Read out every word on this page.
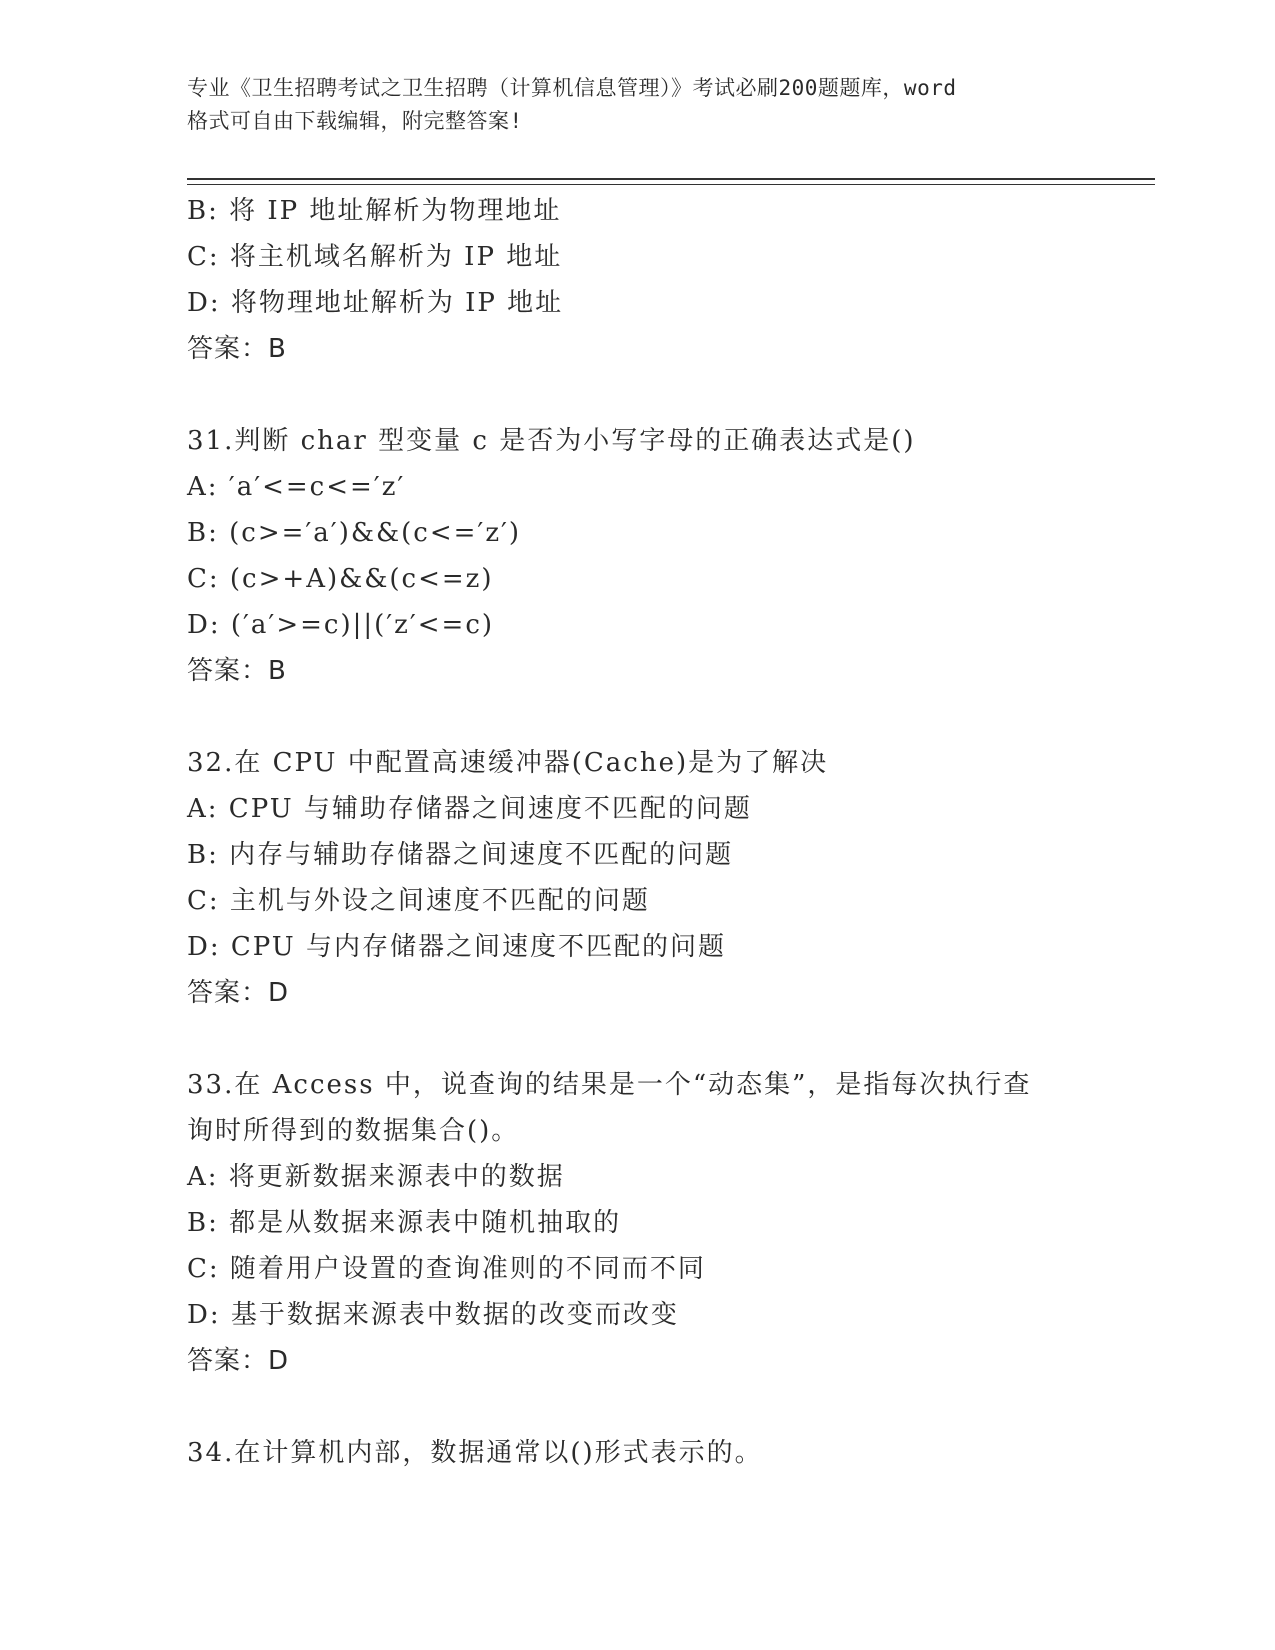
专业《卫生招聘考试之卫生招聘（计算机信息管理）》考试必刷200题题库，word
格式可自由下载编辑，附完整答案!
B: 将 IP 地址解析为物理地址
C: 将主机域名解析为 IP 地址
D: 将物理地址解析为 IP 地址
答案：B
31.判断 char 型变量 c 是否为小写字母的正确表达式是()
A: ′a′<=c<=′z′
B: (c>=′a′)&&(c<=′z′)
C: (c>+A)&&(c<=z)
D: (′a′>=c)||(′z′<=c)
答案：B
32.在 CPU 中配置高速缓冲器(Cache)是为了解决
A: CPU 与辅助存储器之间速度不匹配的问题
B: 内存与辅助存储器之间速度不匹配的问题
C: 主机与外设之间速度不匹配的问题
D: CPU 与内存储器之间速度不匹配的问题
答案：D
33.在 Access 中，说查询的结果是一个“动态集”，是指每次执行查
询时所得到的数据集合()。
A: 将更新数据来源表中的数据
B: 都是从数据来源表中随机抽取的
C: 随着用户设置的查询准则的不同而不同
D: 基于数据来源表中数据的改变而改变
答案：D
34.在计算机内部，数据通常以()形式表示的。
